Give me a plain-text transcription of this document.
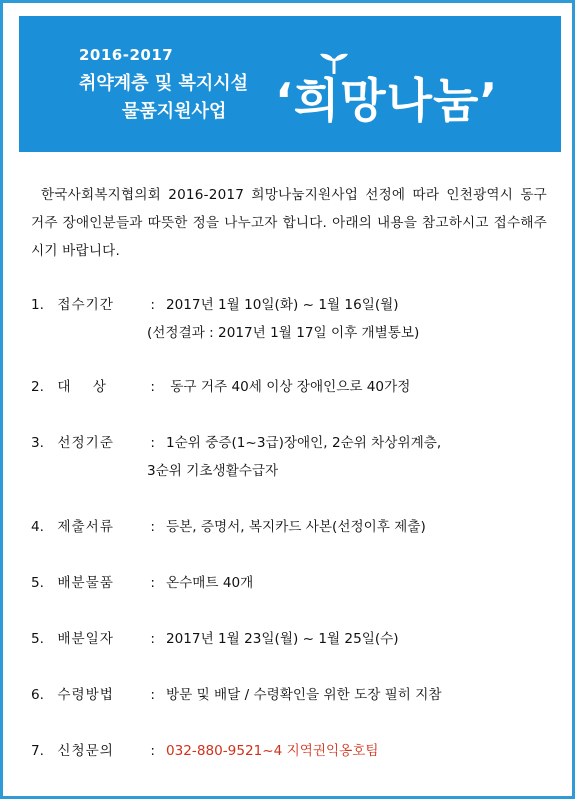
2016-2017
취약계층 및 복지시설
물품지원사업 ‘희망나눔’
한국사회복지협의회 2016-2017 희망나눔지원사업 선정에 따라 인천광역시 동구 거주 장애인분들과 따뜻한 정을 나누고자 합니다. 아래의 내용을 참고하시고 접수해주시기 바랍니다.
1. 접수기간	: 2017년 1월 10일(화) ~ 1월 16일(월)
(선정결과 : 2017년 1월 17일 이후 개별통보)
2. 대    상	:  동구 거주 40세 이상 장애인으로 40가정
3. 선정기준	: 1순위 중증(1~3급)장애인, 2순위 차상위계층,
3순위 기초생활수급자
4. 제출서류	: 등본, 증명서, 복지카드 사본(선정이후 제출)
5. 배분물품	: 온수매트 40개
5. 배분일자	: 2017년 1월 23일(월) ~ 1월 25일(수)
6. 수령방법	: 방문 및 배달 / 수령확인을 위한 도장 필히 지참
7. 신청문의	: 032-880-9521~4 지역권익옹호팀
